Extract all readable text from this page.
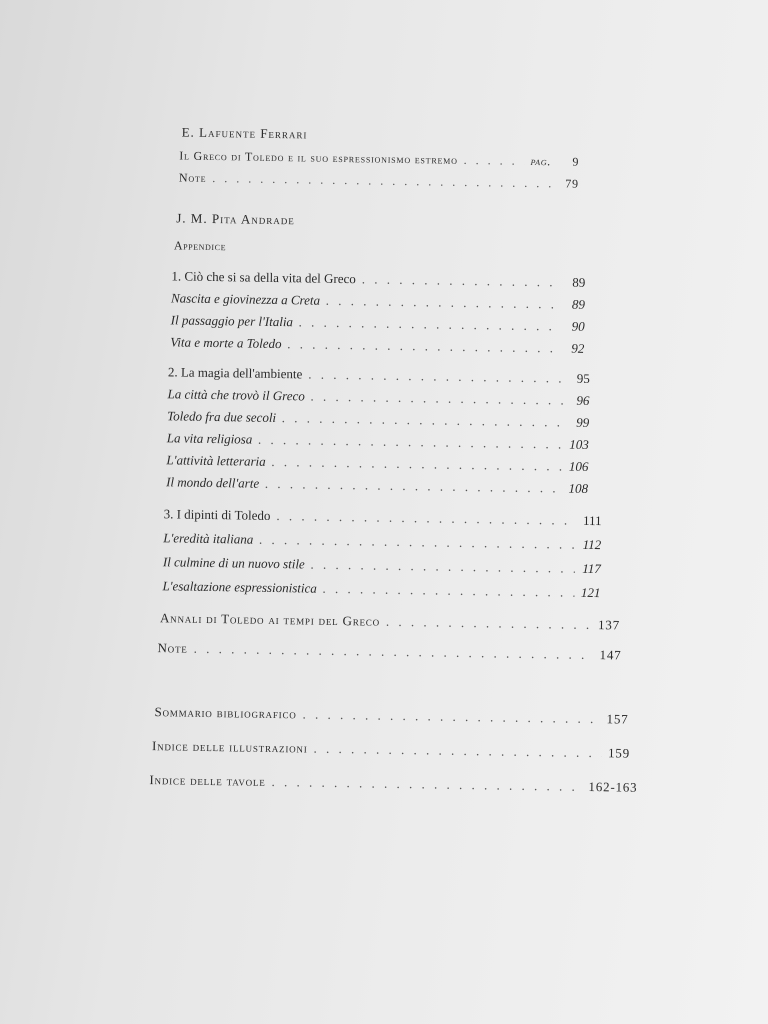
E. Lafuente Ferrari
Il Greco di Toledo e il suo espressionismo estremo . . .	pag.	9
Note . . .	79
J. M. Pita Andrade
Appendice
1. Ciò che si sa della vita del Greco . . .	89
Nascita e giovinezza a Creta . . .	89
Il passaggio per l'Italia . . .	90
Vita e morte a Toledo . . .	92
2. La magia dell'ambiente . . .	95
La città che trovò il Greco . . .	96
Toledo fra due secoli . . .	99
La vita religiosa . . .	103
L'attività letteraria . . .	106
Il mondo dell'arte . . .	108
3. I dipinti di Toledo . . .	111
L'eredità italiana . . .	112
Il culmine di un nuovo stile . . .	117
L'esaltazione espressionistica . . .	121
Annali di Toledo ai tempi del Greco . . .	137
Note . . .	147
Sommario bibliografico . . .	157
Indice delle illustrazioni . . .	159
Indice delle tavole . . .	162-163
